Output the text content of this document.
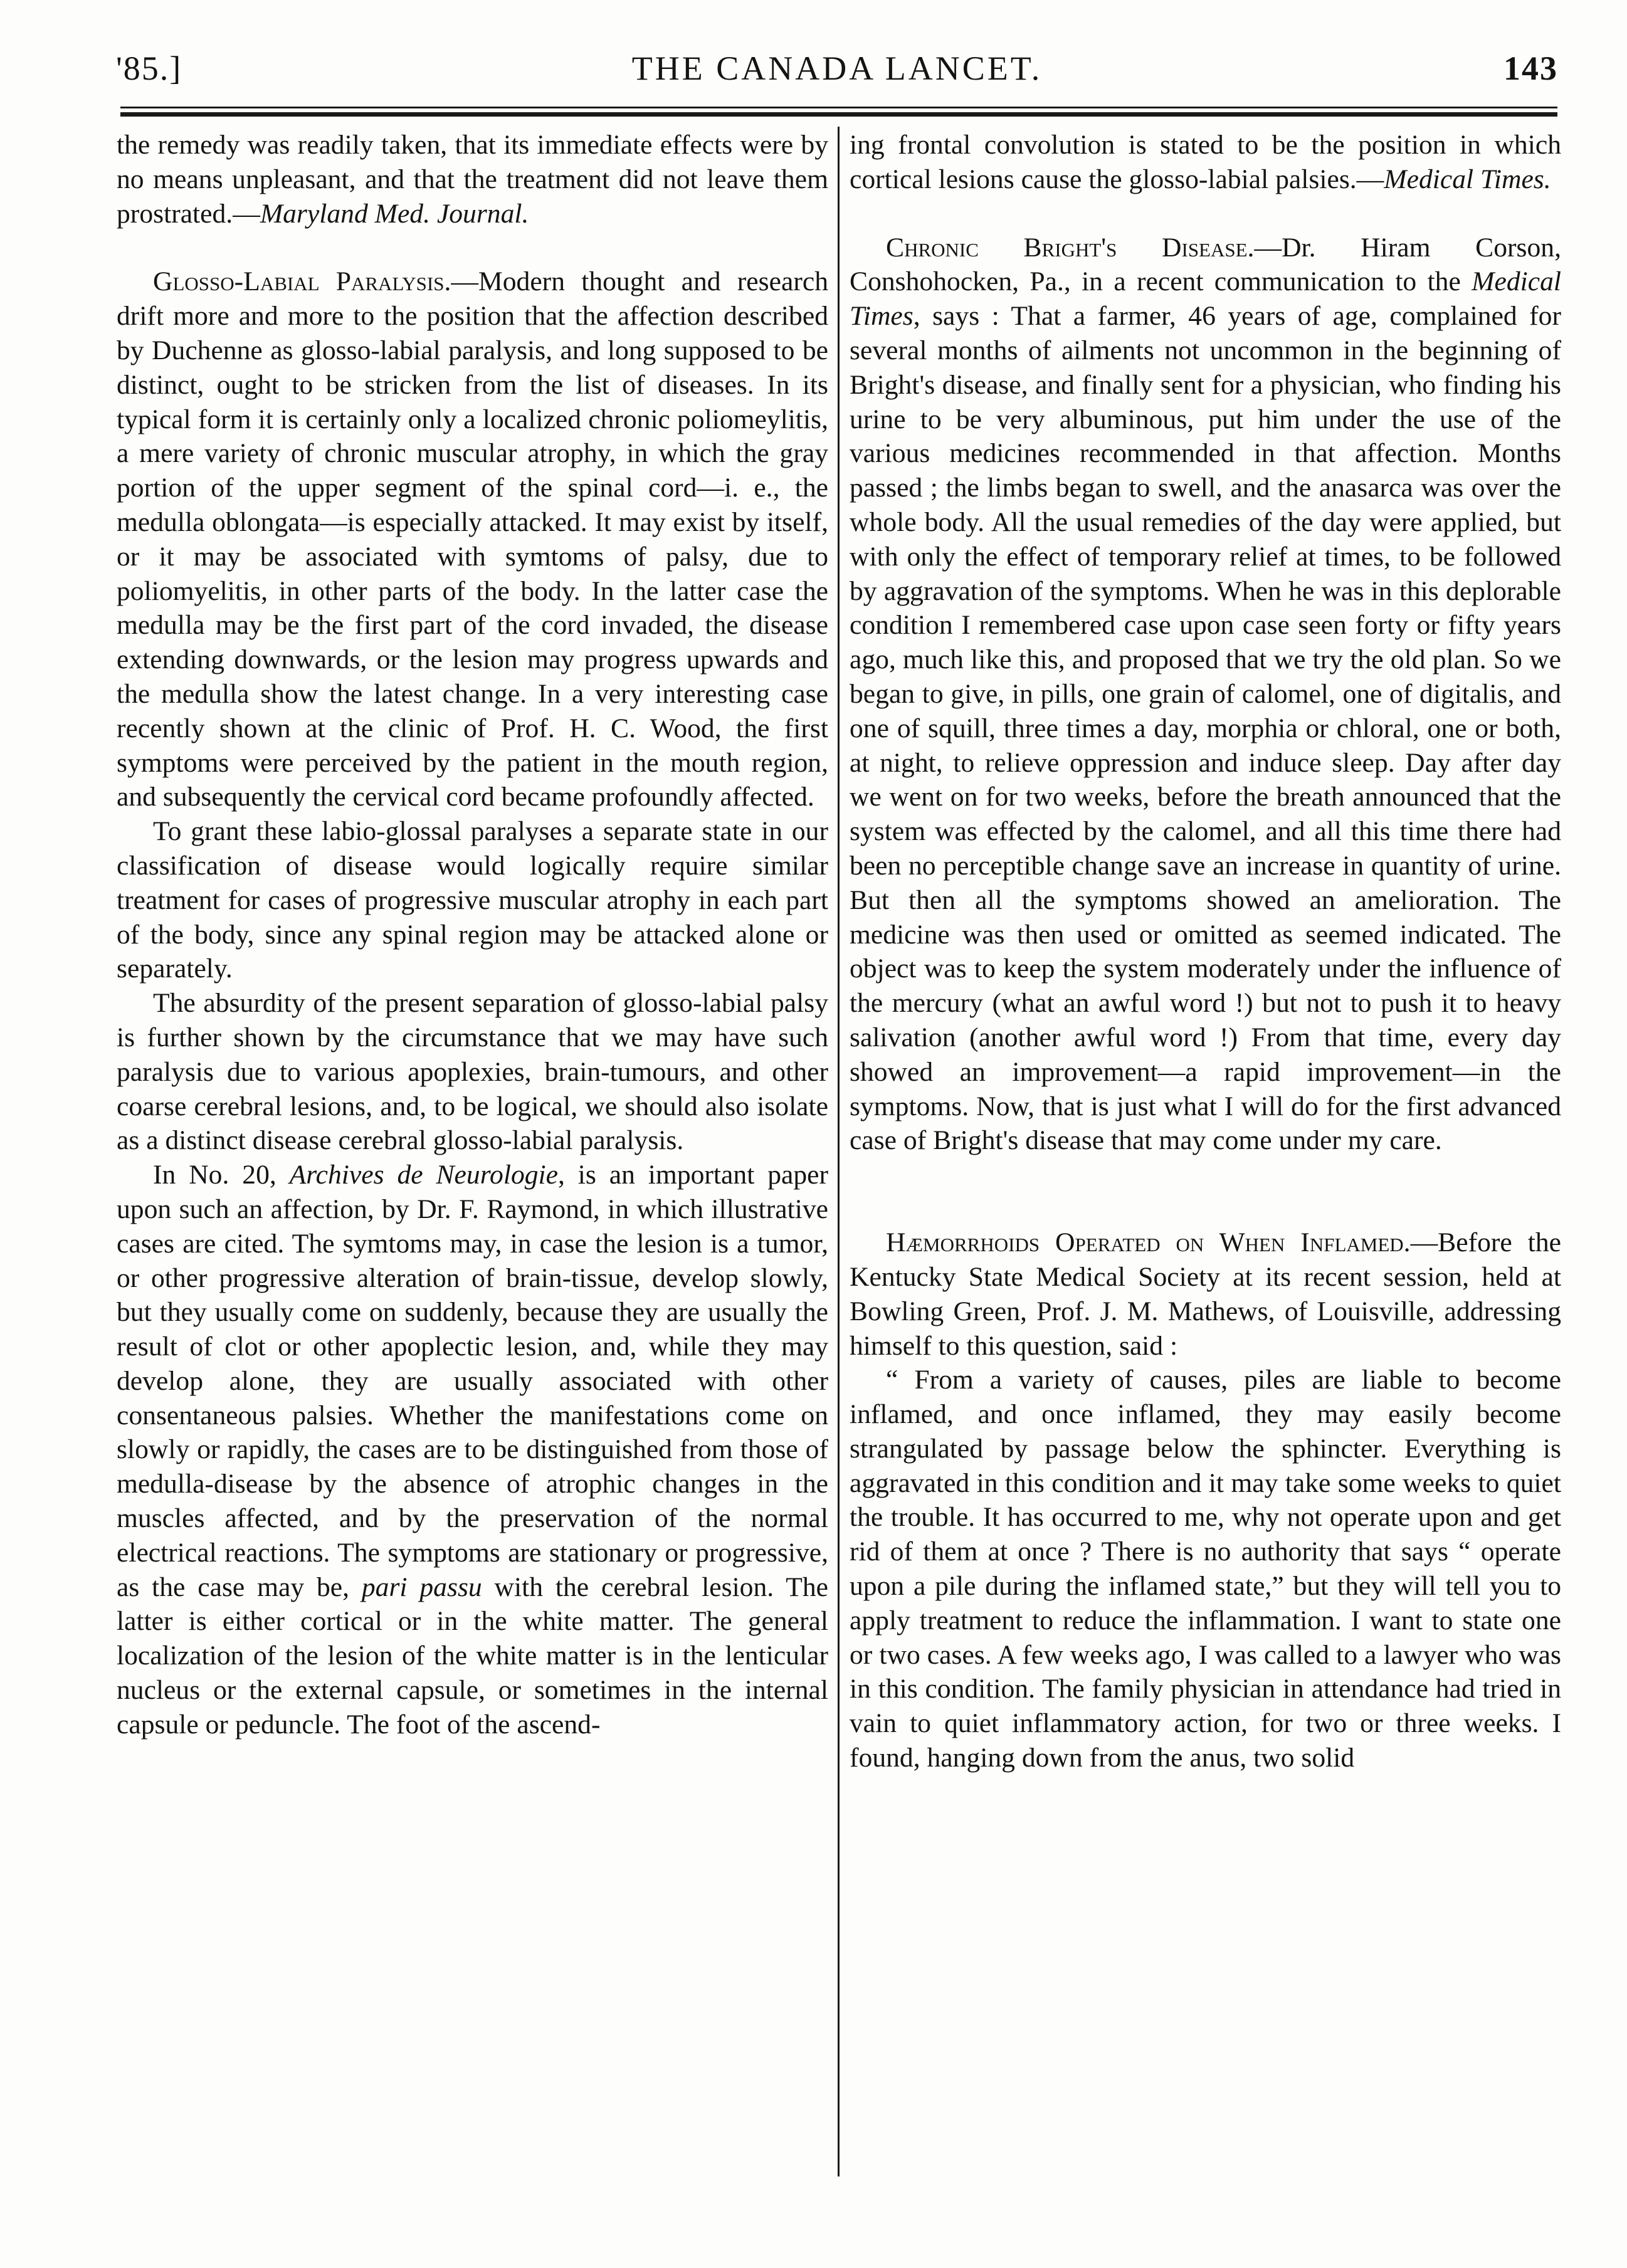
'85.]	THE CANADA LANCET.	143

the remedy was readily taken, that its immediate effects were by no means unpleasant, and that the treatment did not leave them prostrated.—Maryland Med. Journal.

Glosso-Labial Paralysis.—Modern thought and research drift more and more to the position that the affection described by Duchenne as glosso-labial paralysis, and long supposed to be distinct, ought to be stricken from the list of diseases. In its typical form it is certainly only a localized chronic poliomeylitis, a mere variety of chronic muscular atrophy, in which the gray portion of the upper segment of the spinal cord—i. e., the medulla oblongata—is especially attacked. It may exist by itself, or it may be associated with symtoms of palsy, due to poliomyelitis, in other parts of the body. In the latter case the medulla may be the first part of the cord invaded, the disease extending downwards, or the lesion may progress upwards and the medulla show the latest change. In a very interesting case recently shown at the clinic of Prof. H. C. Wood, the first symptoms were perceived by the patient in the mouth region, and subsequently the cervical cord became profoundly affected.

To grant these labio-glossal paralyses a separate state in our classification of disease would logically require similar treatment for cases of progressive muscular atrophy in each part of the body, since any spinal region may be attacked alone or separately.

The absurdity of the present separation of glosso-labial palsy is further shown by the circumstance that we may have such paralysis due to various apoplexies, brain-tumours, and other coarse cerebral lesions, and, to be logical, we should also isolate as a distinct disease cerebral glosso-labial paralysis.

In No. 20, Archives de Neurologie, is an important paper upon such an affection, by Dr. F. Raymond, in which illustrative cases are cited. The symtoms may, in case the lesion is a tumor, or other progressive alteration of brain-tissue, develop slowly, but they usually come on suddenly, because they are usually the result of clot or other apoplectic lesion, and, while they may develop alone, they are usually associated with other consentaneous palsies. Whether the manifestations come on slowly or rapidly, the cases are to be distinguished from those of medulla-disease by the absence of atrophic changes in the muscles affected, and by the preservation of the normal electrical reactions. The symptoms are stationary or progressive, as the case may be, pari passu with the cerebral lesion. The latter is either cortical or in the white matter. The general localization of the lesion of the white matter is in the lenticular nucleus or the external capsule, or sometimes in the internal capsule or peduncle. The foot of the ascend-

ing frontal convolution is stated to be the position in which cortical lesions cause the glosso-labial palsies.—Medical Times.

Chronic Bright's Disease.—Dr. Hiram Corson, Conshohocken, Pa., in a recent communication to the Medical Times, says : That a farmer, 46 years of age, complained for several months of ailments not uncommon in the beginning of Bright's disease, and finally sent for a physician, who finding his urine to be very albuminous, put him under the use of the various medicines recommended in that affection. Months passed ; the limbs began to swell, and the anasarca was over the whole body. All the usual remedies of the day were applied, but with only the effect of temporary relief at times, to be followed by aggravation of the symptoms. When he was in this deplorable condition I remembered case upon case seen forty or fifty years ago, much like this, and proposed that we try the old plan. So we began to give, in pills, one grain of calomel, one of digitalis, and one of squill, three times a day, morphia or chloral, one or both, at night, to relieve oppression and induce sleep. Day after day we went on for two weeks, before the breath announced that the system was effected by the calomel, and all this time there had been no perceptible change save an increase in quantity of urine. But then all the symptoms showed an amelioration. The medicine was then used or omitted as seemed indicated. The object was to keep the system moderately under the influence of the mercury (what an awful word !) but not to push it to heavy salivation (another awful word !) From that time, every day showed an improvement—a rapid improvement—in the symptoms. Now, that is just what I will do for the first advanced case of Bright's disease that may come under my care.

Hæmorrhoids Operated on When Inflamed.—Before the Kentucky State Medical Society at its recent session, held at Bowling Green, Prof. J. M. Mathews, of Louisville, addressing himself to this question, said :

“ From a variety of causes, piles are liable to become inflamed, and once inflamed, they may easily become strangulated by passage below the sphincter. Everything is aggravated in this condition and it may take some weeks to quiet the trouble. It has occurred to me, why not operate upon and get rid of them at once ? There is no authority that says “ operate upon a pile during the inflamed state,” but they will tell you to apply treatment to reduce the inflammation. I want to state one or two cases. A few weeks ago, I was called to a lawyer who was in this condition. The family physician in attendance had tried in vain to quiet inflammatory action, for two or three weeks. I found, hanging down from the anus, two solid
